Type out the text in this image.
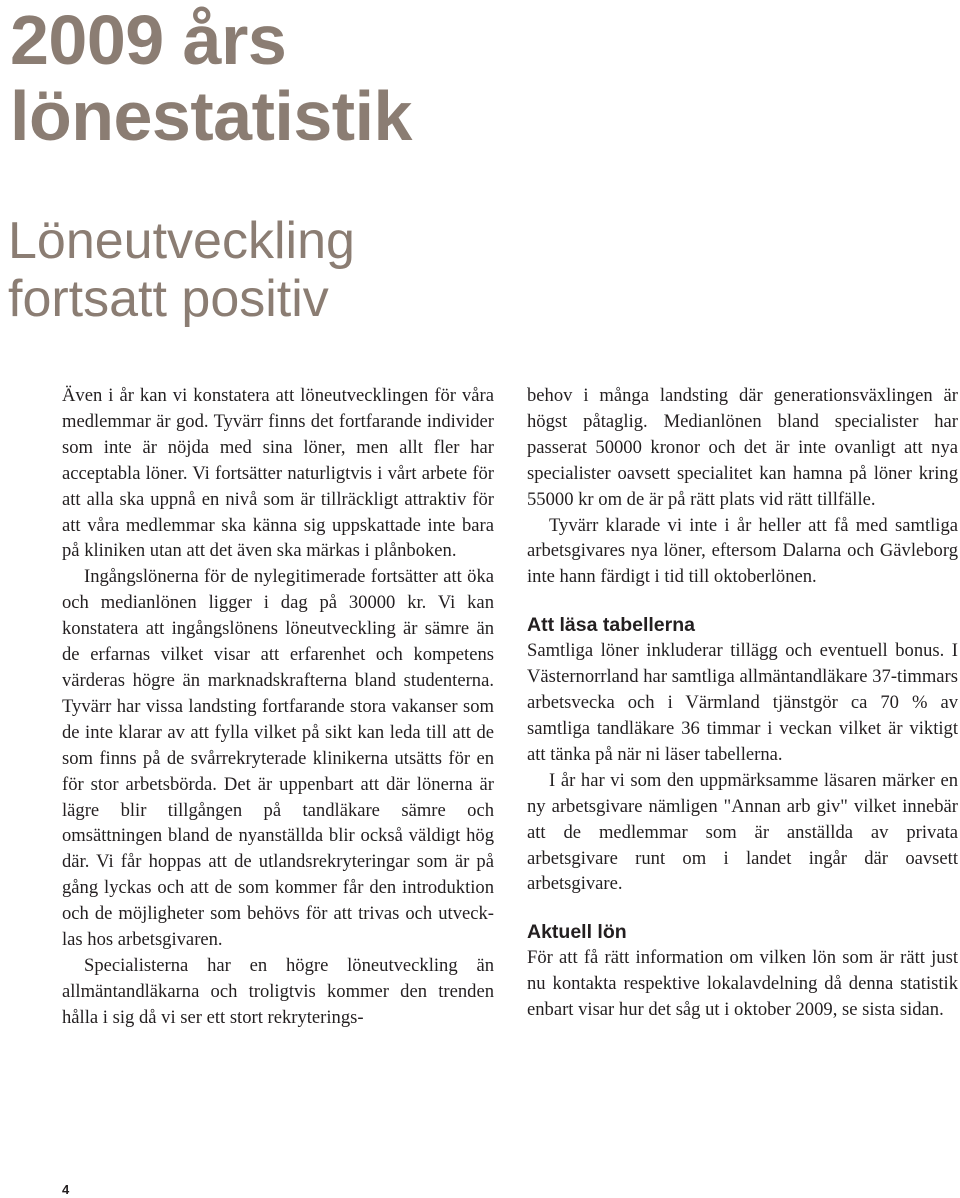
2009 års
lönestatistik
Löneutveckling
fortsatt positiv

Även i år kan vi konstatera att löneutvecklingen för våra medlemmar är god. Tyvärr finns det fortfarande individer som inte är nöjda med sina löner, men allt fler har acceptabla löner. Vi fortsätter naturligtvis i vårt arbete för att alla ska uppnå en nivå som är tillräckligt attraktiv för att våra medlemmar ska känna sig uppskattade inte bara på kliniken utan att det även ska märkas i plånboken.

Ingångslönerna för de nylegitimerade fortsätter att öka och medianlönen ligger i dag på 30000 kr. Vi kan konstatera att ingångslönens löneutveckling är sämre än de erfarnas vilket visar att erfarenhet och kompetens värderas högre än marknadskrafterna bland studenterna. Tyvärr har vissa landsting fortfarande stora vakanser som de inte klarar av att fylla vilket på sikt kan leda till att de som finns på de svårrekryterade klinikerna utsätts för en för stor arbetsbörda. Det är uppenbart att där lönerna är lägre blir tillgången på tandläkare sämre och omsättningen bland de nyanställda blir också väldigt hög där. Vi får hoppas att de utlandsrekryteringar som är på gång lyckas och att de som kommer får den introduktion och de möjligheter som behövs för att trivas och utvecklas hos arbetsgivaren.

Specialisterna har en högre löneutveckling än allmäntandläkarna och troligtvis kommer den trenden hålla i sig då vi ser ett stort rekryterings-

behov i många landsting där generationsväxlingen är högst påtaglig. Medianlönen bland specialister har passerat 50000 kronor och det är inte ovanligt att nya specialister oavsett specialitet kan hamna på löner kring 55000 kr om de är på rätt plats vid rätt tillfälle.

Tyvärr klarade vi inte i år heller att få med samtliga arbetsgivares nya löner, eftersom Dalarna och Gävleborg inte hann färdigt i tid till oktoberlönen.

Att läsa tabellerna

Samtliga löner inkluderar tillägg och eventuell bonus. I Västernorrland har samtliga allmäntandläkare 37-timmars arbetsvecka och i Värmland tjänstgör ca 70 % av samtliga tandläkare 36 timmar i veckan vilket är viktigt att tänka på när ni läser tabellerna.

I år har vi som den uppmärksamme läsaren märker en ny arbetsgivare nämligen "Annan arb giv" vilket innebär att de medlemmar som är anställda av privata arbetsgivare runt om i landet ingår där oavsett arbetsgivare.

Aktuell lön

För att få rätt information om vilken lön som är rätt just nu kontakta respektive lokalavdelning då denna statistik enbart visar hur det såg ut i oktober 2009, se sista sidan.

4
